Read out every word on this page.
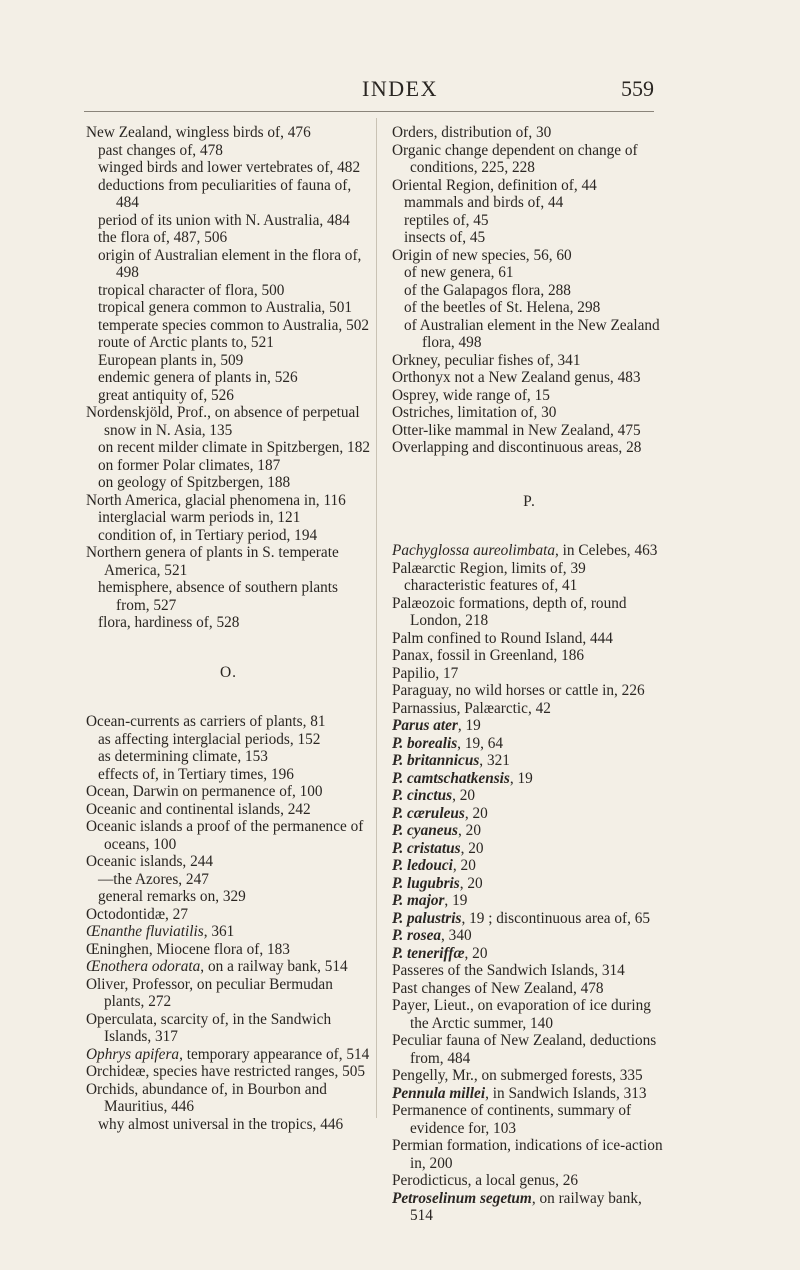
INDEX	559
New Zealand, wingless birds of, 476
past changes of, 478
winged birds and lower vertebrates of, 482
deductions from peculiarities of fauna of, 484
period of its union with N. Australia, 484
the flora of, 487, 506
origin of Australian element in the flora of, 498
tropical character of flora, 500
tropical genera common to Australia, 501
temperate species common to Australia, 502
route of Arctic plants to, 521
European plants in, 509
endemic genera of plants in, 526
great antiquity of, 526
Nordenskjöld, Prof., on absence of perpetual snow in N. Asia, 135
on recent milder climate in Spitzbergen, 182
on former Polar climates, 187
on geology of Spitzbergen, 188
North America, glacial phenomena in, 116
interglacial warm periods in, 121
condition of, in Tertiary period, 194
Northern genera of plants in S. temperate America, 521
hemisphere, absence of southern plants from, 527
flora, hardiness of, 528
O.
Ocean-currents as carriers of plants, 81
as affecting interglacial periods, 152
as determining climate, 153
effects of, in Tertiary times, 196
Ocean, Darwin on permanence of, 100
Oceanic and continental islands, 242
Oceanic islands a proof of the permanence of oceans, 100
Oceanic islands, 244
—the Azores, 247
general remarks on, 329
Octodontidæ, 27
Œnanthe fluviatilis, 361
Œninghen, Miocene flora of, 183
Œnothera odorata, on a railway bank, 514
Oliver, Professor, on peculiar Bermudan plants, 272
Operculata, scarcity of, in the Sandwich Islands, 317
Ophrys apifera, temporary appearance of, 514
Orchideæ, species have restricted ranges, 505
Orchids, abundance of, in Bourbon and Mauritius, 446
why almost universal in the tropics, 446
Orders, distribution of, 30
Organic change dependent on change of conditions, 225, 228
Oriental Region, definition of, 44
mammals and birds of, 44
reptiles of, 45
insects of, 45
Origin of new species, 56, 60
of new genera, 61
of the Galapagos flora, 288
of the beetles of St. Helena, 298
of Australian element in the New Zealand flora, 498
Orkney, peculiar fishes of, 341
Orthonyx not a New Zealand genus, 483
Osprey, wide range of, 15
Ostriches, limitation of, 30
Otter-like mammal in New Zealand, 475
Overlapping and discontinuous areas, 28
P.
Pachyglossa aureolimbata, in Celebes, 463
Palæarctic Region, limits of, 39
characteristic features of, 41
Palæozoic formations, depth of, round London, 218
Palm confined to Round Island, 444
Panax, fossil in Greenland, 186
Papilio, 17
Paraguay, no wild horses or cattle in, 226
Parnassius, Palæarctic, 42
Parus ater, 19
P. borealis, 19, 64
P. britannicus, 321
P. camtschatkensis, 19
P. cinctus, 20
P. cæruleus, 20
P. cyaneus, 20
P. cristatus, 20
P. ledouci, 20
P. lugubris, 20
P. major, 19
P. palustris, 19 ; discontinuous area of, 65
P. rosea, 340
P. teneriffæ, 20
Passeres of the Sandwich Islands, 314
Past changes of New Zealand, 478
Payer, Lieut., on evaporation of ice during the Arctic summer, 140
Peculiar fauna of New Zealand, deductions from, 484
Pengelly, Mr., on submerged forests, 335
Pennula millei, in Sandwich Islands, 313
Permanence of continents, summary of evidence for, 103
Permian formation, indications of ice-action in, 200
Perodicticus, a local genus, 26
Petroselinum segetum, on railway bank, 514
